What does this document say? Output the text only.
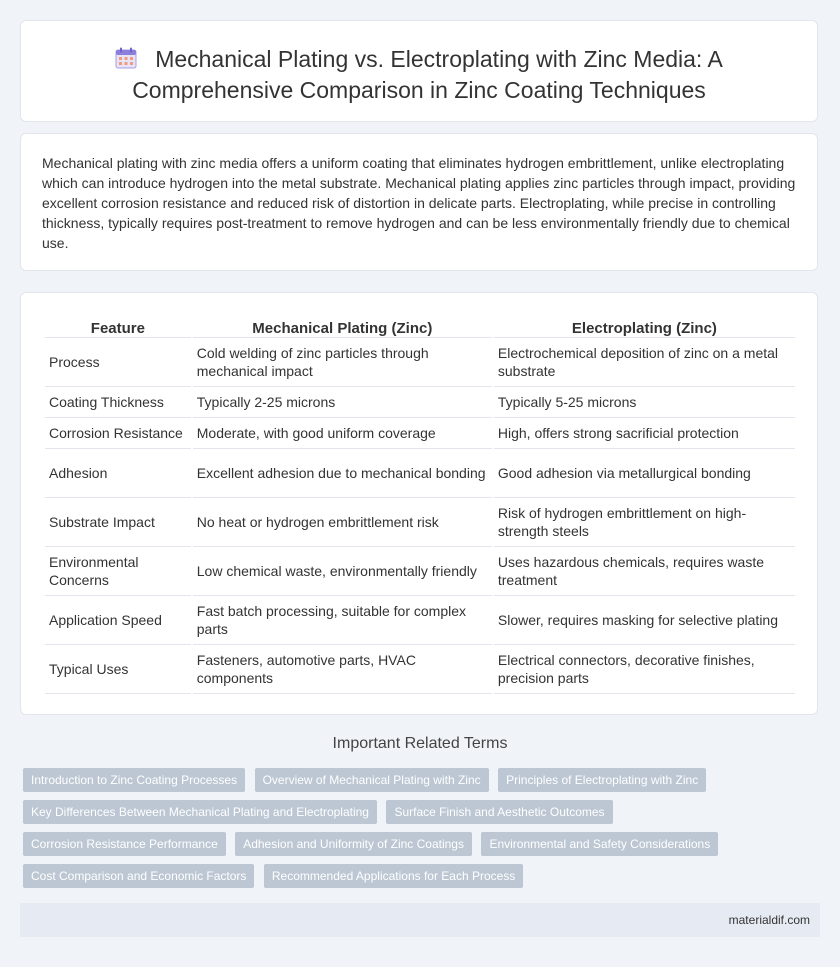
Mechanical Plating vs. Electroplating with Zinc Media: A Comprehensive Comparison in Zinc Coating Techniques

Mechanical plating with zinc media offers a uniform coating that eliminates hydrogen embrittlement, unlike electroplating which can introduce hydrogen into the metal substrate. Mechanical plating applies zinc particles through impact, providing excellent corrosion resistance and reduced risk of distortion in delicate parts. Electroplating, while precise in controlling thickness, typically requires post-treatment to remove hydrogen and can be less environmentally friendly due to chemical use.

Feature	Mechanical Plating (Zinc)	Electroplating (Zinc)
Process	Cold welding of zinc particles through mechanical impact	Electrochemical deposition of zinc on a metal substrate
Coating Thickness	Typically 2-25 microns	Typically 5-25 microns
Corrosion Resistance	Moderate, with good uniform coverage	High, offers strong sacrificial protection
Adhesion	Excellent adhesion due to mechanical bonding	Good adhesion via metallurgical bonding
Substrate Impact	No heat or hydrogen embrittlement risk	Risk of hydrogen embrittlement on high-strength steels
Environmental Concerns	Low chemical waste, environmentally friendly	Uses hazardous chemicals, requires waste treatment
Application Speed	Fast batch processing, suitable for complex parts	Slower, requires masking for selective plating
Typical Uses	Fasteners, automotive parts, HVAC components	Electrical connectors, decorative finishes, precision parts
Important Related Terms
Introduction to Zinc Coating Processes Overview of Mechanical Plating with Zinc Principles of Electroplating with Zinc Key Differences Between Mechanical Plating and Electroplating Surface Finish and Aesthetic Outcomes Corrosion Resistance Performance Adhesion and Uniformity of Zinc Coatings Environmental and Safety Considerations Cost Comparison and Economic Factors Recommended Applications for Each Process
materialdif.com
